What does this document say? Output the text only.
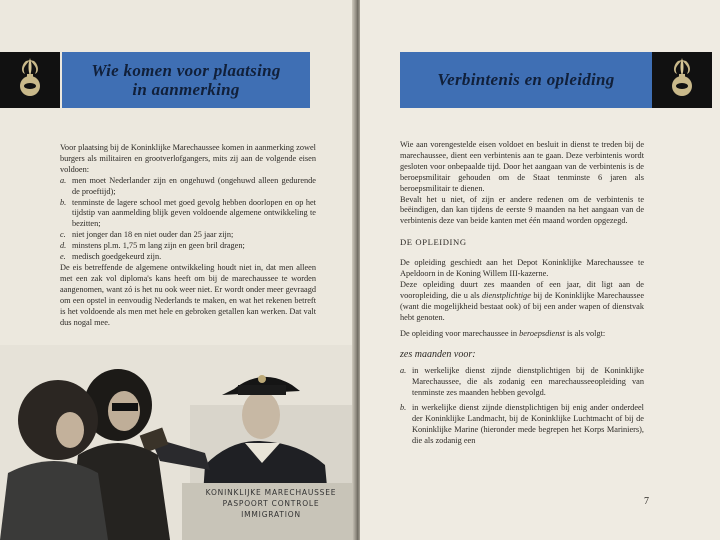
Wie komen voor plaatsing
in aanmerking

Voor plaatsing bij de Koninklijke Marechaussee komen in aanmerking zowel burgers als militairen en grootverlofgangers, mits zij aan de volgende eisen voldoen:

a. men moet Nederlander zijn en ongehuwd (ongehuwd alleen gedurende de proeftijd);
b. tenminste de lagere school met goed gevolg hebben doorlopen en op het tijdstip van aanmelding blijk geven voldoende algemene ontwikkeling te bezitten;
c. niet jonger dan 18 en niet ouder dan 25 jaar zijn;
d. minstens pl.m. 1,75 m lang zijn en geen bril dragen;
e. medisch goedgekeurd zijn.

De eis betreffende de algemene ontwikkeling houdt niet in, dat men alleen met een zak vol diploma's kans heeft om bij de marechaussee te worden aangenomen, want zó is het nu ook weer niet. Er wordt onder meer gevraagd om een opstel in eenvoudig Nederlands te maken, en wat het rekenen betreft is het voldoende als men met hele en gebroken getallen kan werken. Dat valt dus nogal mee.

KONINKLIJKE MARECHAUSSEE
PASPOORT CONTROLE
IMMIGRATION
Verbintenis en opleiding

Wie aan vorengestelde eisen voldoet en besluit in dienst te treden bij de marechaussee, dient een verbintenis aan te gaan. Deze verbintenis wordt gesloten voor onbepaalde tijd. Door het aangaan van de verbintenis is de beroepsmilitair gehouden om de Staat tenminste 6 jaren als beroepsmilitair te dienen.

Bevalt het u niet, of zijn er andere redenen om de verbintenis te beëindigen, dan kan tijdens de eerste 9 maanden na het aangaan van de verbintenis deze van beide kanten met één maand worden opgezegd.

DE OPLEIDING

De opleiding geschiedt aan het Depot Koninklijke Marechaussee te Apeldoorn in de Koning Willem III-kazerne.

Deze opleiding duurt zes maanden of een jaar, dit ligt aan de vooropleiding, die u als dienstplichtige bij de Koninklijke Marechaussee (want die mogelijkheid bestaat ook) of bij een ander wapen of dienstvak hebt genoten.

De opleiding voor marechaussee in beroepsdienst is als volgt:

zes maanden voor:

a. in werkelijke dienst zijnde dienstplichtigen bij de Koninklijke Marechaussee, die als zodanig een marechausseeopleiding van tenminste zes maanden hebben gevolgd.
b. in werkelijke dienst zijnde dienstplichtigen bij enig ander onderdeel der Koninklijke Landmacht, bij de Koninklijke Luchtmacht of bij de Koninklijke Marine (hieronder mede begrepen het Korps Mariniers), die als zodanig een
7
